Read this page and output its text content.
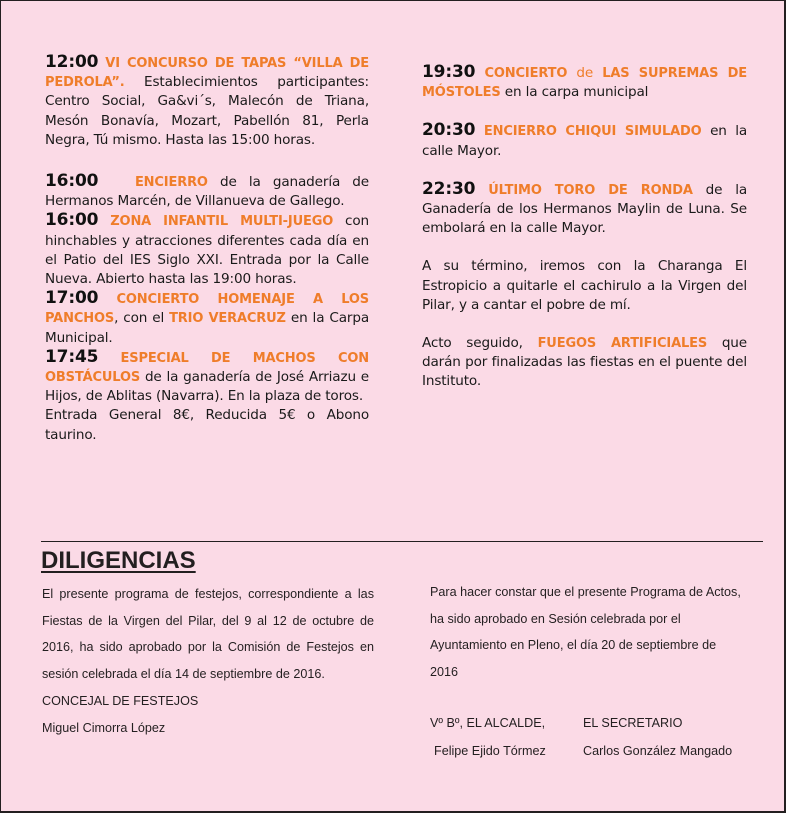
12:00 VI CONCURSO DE TAPAS “VILLA DE PEDROLA”. Establecimientos participantes: Centro Social, Ga&vi´s, Malecón de Triana, Mesón Bonavía, Mozart, Pabellón 81, Perla Negra, Tú mismo. Hasta las 15:00 horas.

16:00	ENCIERRO de la ganadería de Hermanos Marcén, de Villanueva de Gallego.

16:00 ZONA INFANTIL MULTI-JUEGO con hinchables y atracciones diferentes cada día en el Patio del IES Siglo XXI. Entrada por la Calle Nueva. Abierto hasta las 19:00 horas.

17:00 CONCIERTO HOMENAJE A LOS PANCHOS, con el TRIO VERACRUZ en la Carpa Municipal.

17:45 ESPECIAL DE MACHOS CON OBSTÁCULOS de la ganadería de José Arriazu e Hijos, de Ablitas (Navarra). En la plaza de toros.

Entrada General 8€, Reducida 5€ o Abono taurino.

19:30 CONCIERTO de LAS SUPREMAS DE MÓSTOLES en la carpa municipal

20:30 ENCIERRO CHIQUI SIMULADO en la calle Mayor.

22:30 ÚLTIMO TORO DE RONDA de la Ganadería de los Hermanos Maylin de Luna. Se embolará en la calle Mayor.

A su término, iremos con la Charanga El Estropicio a quitarle el cachirulo a la Virgen del Pilar, y a cantar el pobre de mí.

Acto seguido, FUEGOS ARTIFICIALES que darán por finalizadas las fiestas en el puente del Instituto.

DILIGENCIAS

El presente programa de festejos, correspondiente a las Fiestas de la Virgen del Pilar, del 9 al 12 de octubre de 2016, ha sido aprobado por la Comisión de Festejos en sesión celebrada el día 14 de septiembre de 2016.

CONCEJAL DE FESTEJOS

Miguel Cimorra López

Para hacer constar que el presente Programa de Actos, ha sido aprobado en Sesión celebrada por el Ayuntamiento en Pleno, el día 20 de septiembre de 2016

Vº Bº, EL ALCALDE,
Felipe Ejido Tórmez
EL SECRETARIO
Carlos González Mangado
